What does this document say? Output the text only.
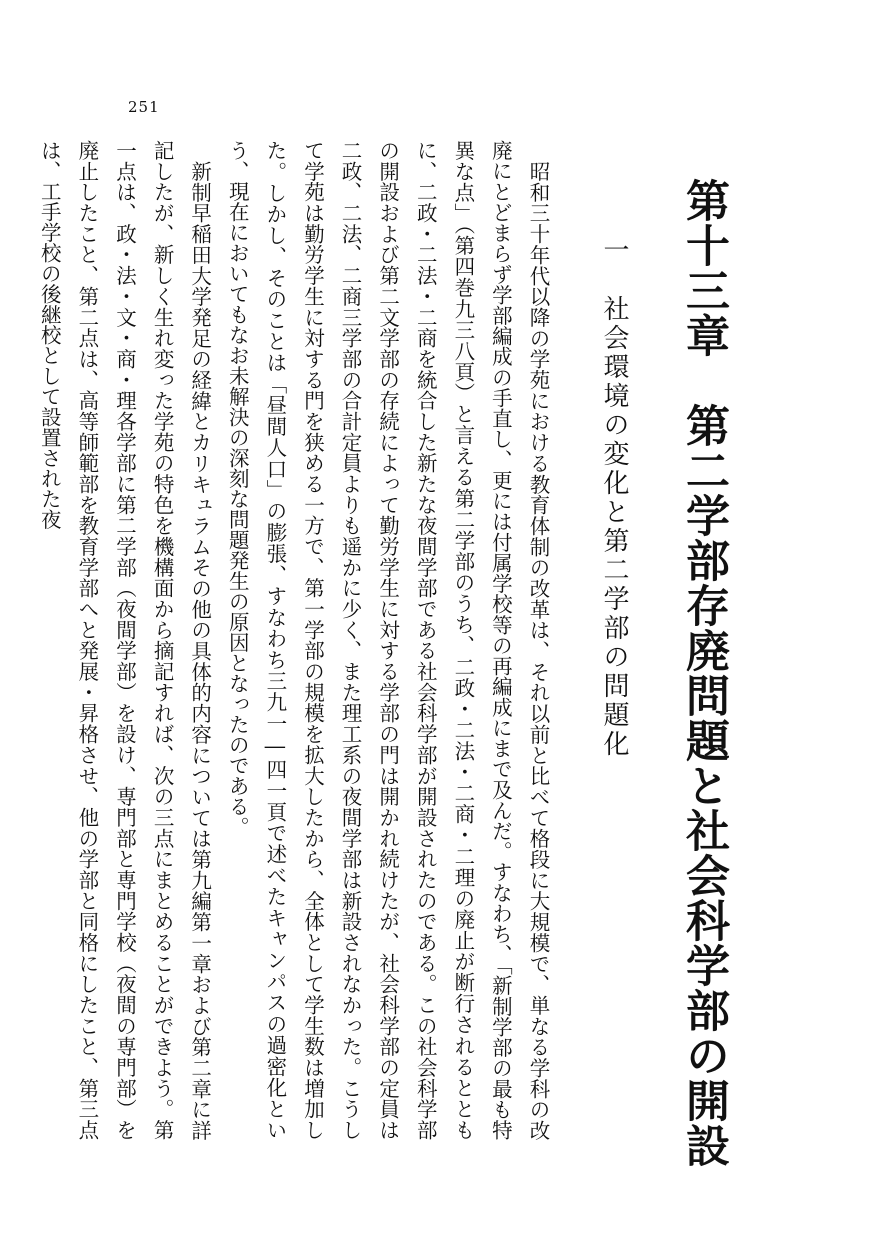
251
第十三章　第二学部存廃問題と社会科学部の開設
一社会環境の変化と第二学部の問題化

昭和三十年代以降の学苑における教育体制の改革は、それ以前と比べて格段に大規模で、単なる学科の改廃にとどまらず学部編成の手直し、更には付属学校等の再編成にまで及んだ。すなわち、「新制学部の最も特異な点」（第四巻九三八頁）と言える第二学部のうち、二政・二法・二商・二理の廃止が断行されるとともに、二政・二法・二商を統合した新たな夜間学部である社会科学部が開設されたのである。この社会科学部の開設および第二文学部の存続によって勤労学生に対する学部の門は開かれ続けたが、社会科学部の定員は二政、二法、二商三学部の合計定員よりも遥かに少く、また理工系の夜間学部は新設されなかった。こうして学苑は勤労学生に対する門を狭める一方で、第一学部の規模を拡大したから、全体として学生数は増加した。しかし、そのことは「昼間人口」の膨張、すなわち三九一―四一頁で述べたキャンパスの過密化という、現在においてもなお未解決の深刻な問題発生の原因となったのである。

新制早稲田大学発足の経緯とカリキュラムその他の具体的内容については第九編第一章および第二章に詳記したが、新しく生れ変った学苑の特色を機構面から摘記すれば、次の三点にまとめることができよう。第一点は、政・法・文・商・理各学部に第二学部（夜間学部）を設け、専門部と専門学校（夜間の専門部）を廃止したこと、第二点は、高等師範部を教育学部へと発展・昇格させ、他の学部と同格にしたこと、第三点は、工手学校の後継校として設置された夜
